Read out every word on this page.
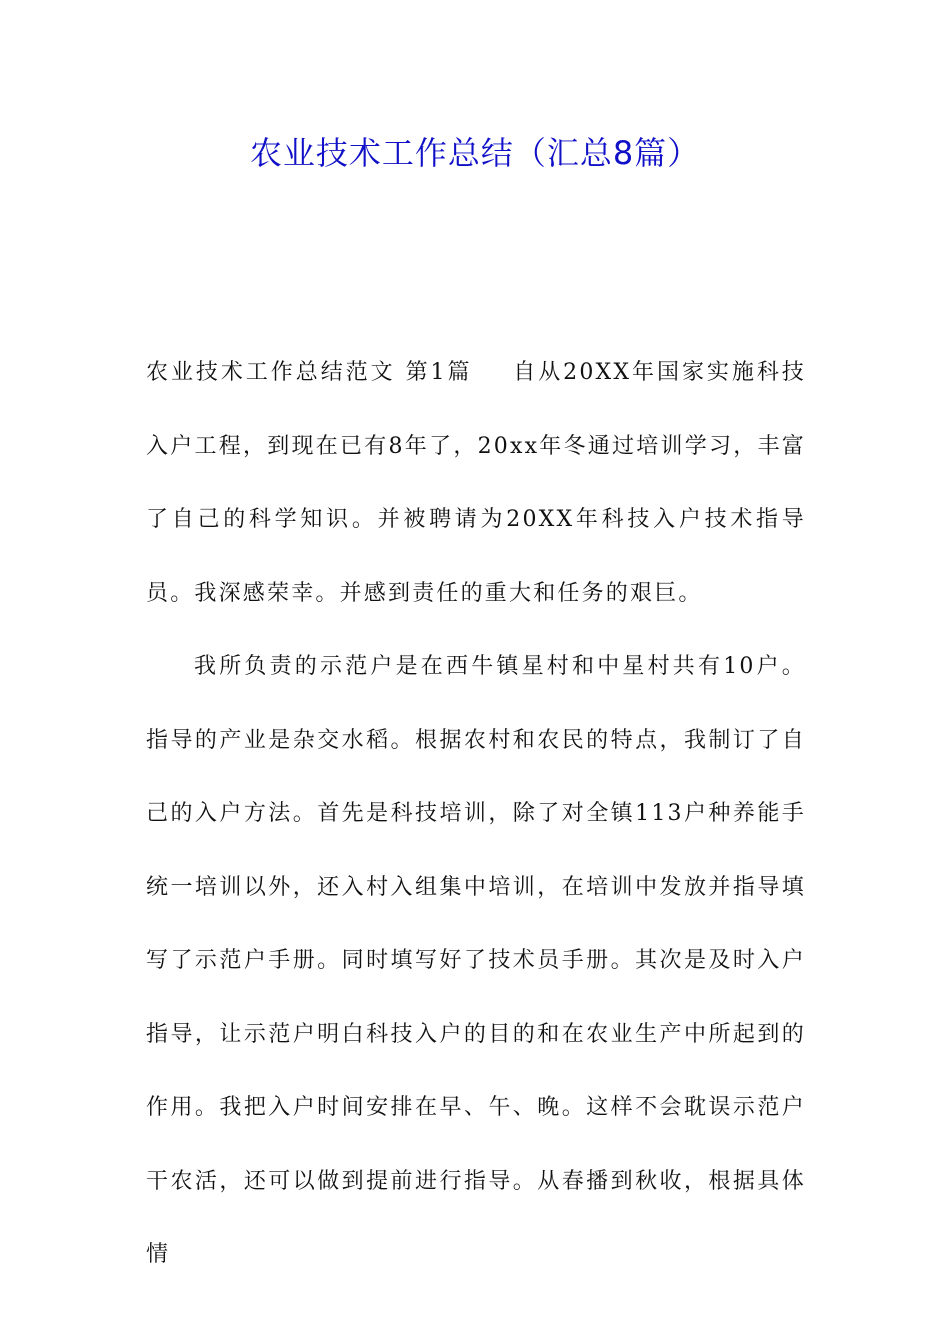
农业技术工作总结（汇总8篇）

农业技术工作总结范文 第1篇 自从20XX年国家实施科技入户工程，到现在已有8年了，20xx年冬通过培训学习，丰富了自己的科学知识。并被聘请为20XX年科技入户技术指导员。我深感荣幸。并感到责任的重大和任务的艰巨。

我所负责的示范户是在西牛镇星村和中星村共有10户。指导的产业是杂交水稻。根据农村和农民的特点，我制订了自己的入户方法。首先是科技培训，除了对全镇113户种养能手统一培训以外，还入村入组集中培训，在培训中发放并指导填写了示范户手册。同时填写好了技术员手册。其次是及时入户指导，让示范户明白科技入户的目的和在农业生产中所起到的作用。我把入户时间安排在早、午、晚。这样不会耽误示范户干农活，还可以做到提前进行指导。从春播到秋收，根据具体情
